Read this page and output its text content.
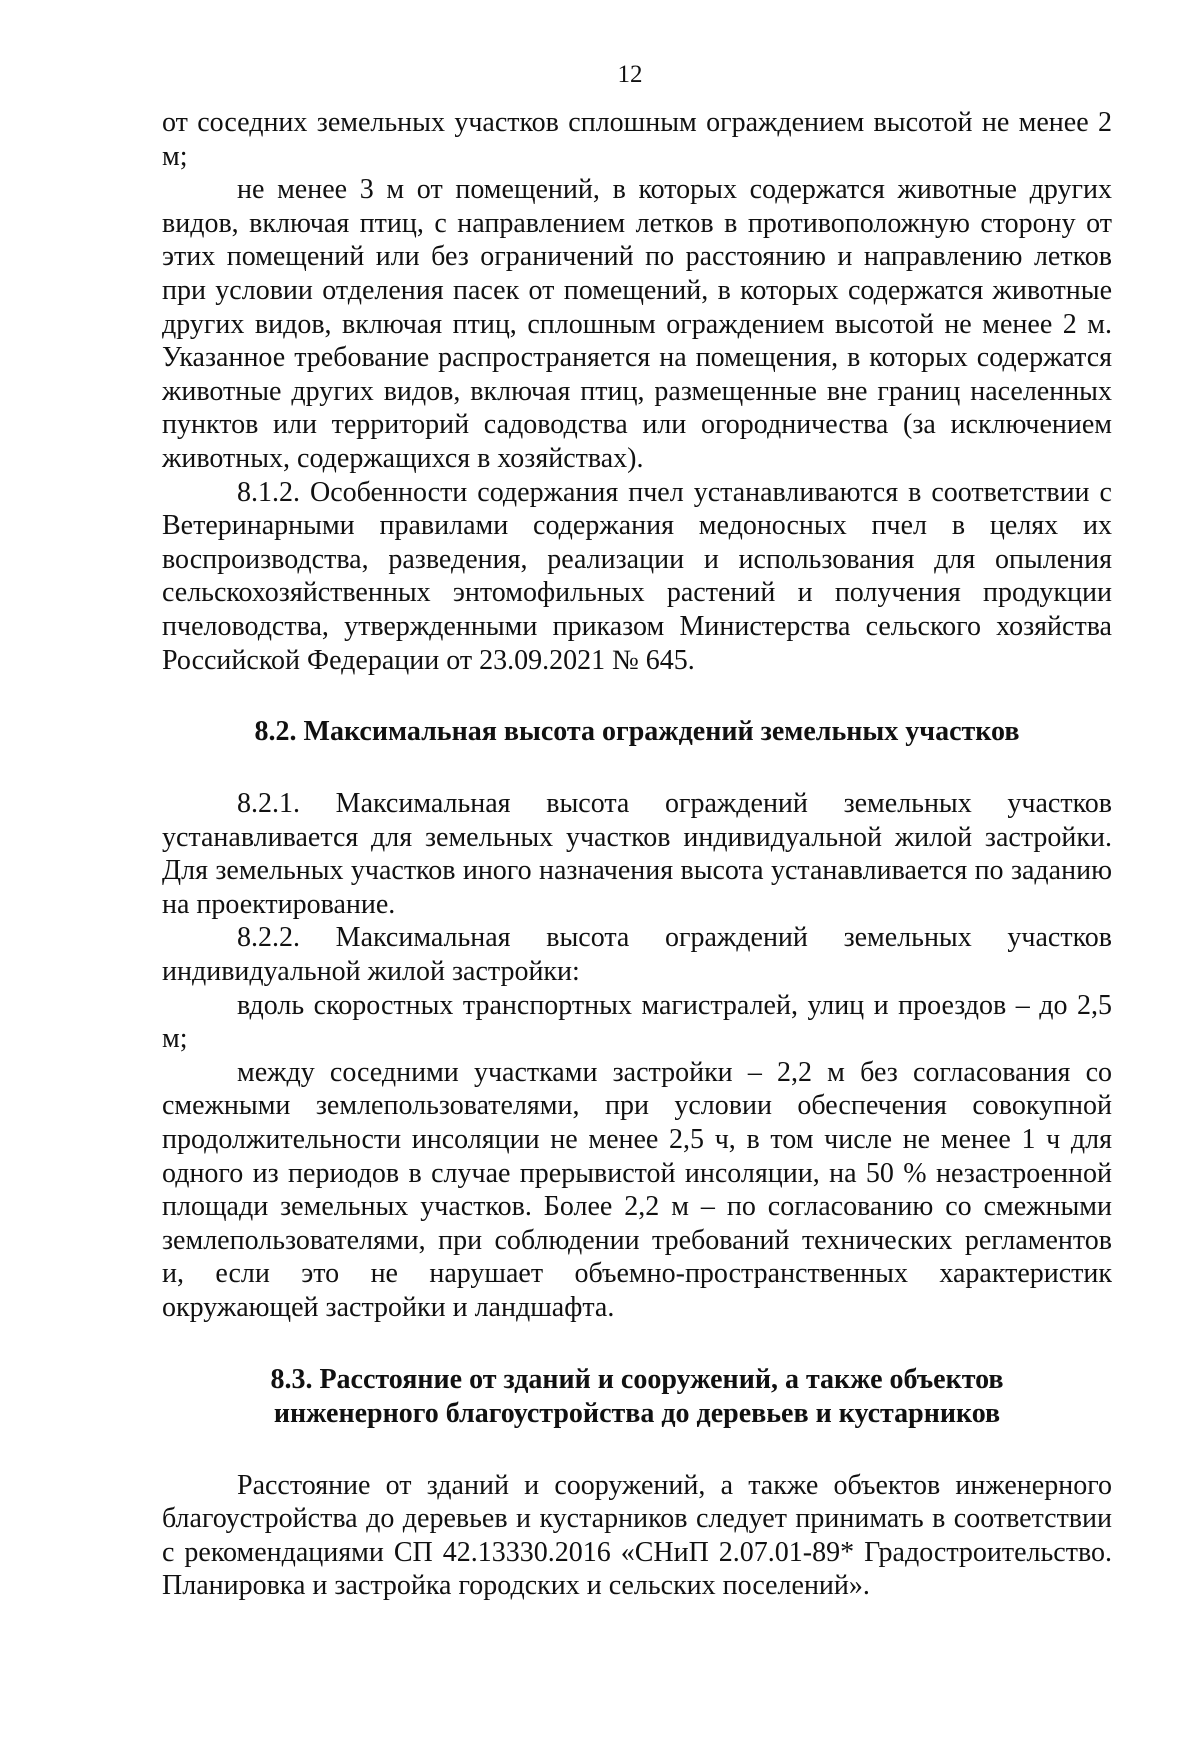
12

от соседних земельных участков сплошным ограждением высотой не менее 2 м;

не менее 3 м от помещений, в которых содержатся животные других видов, включая птиц, с направлением летков в противоположную сторону от этих помещений или без ограничений по расстоянию и направлению летков при условии отделения пасек от помещений, в которых содержатся животные других видов, включая птиц, сплошным ограждением высотой не менее 2 м. Указанное требование распространяется на помещения, в которых содержатся животные других видов, включая птиц, размещенные вне границ населенных пунктов или территорий садоводства или огородничества (за исключением животных, содержащихся в хозяйствах).

8.1.2. Особенности содержания пчел устанавливаются в соответствии с Ветеринарными правилами содержания медоносных пчел в целях их воспроизводства, разведения, реализации и использования для опыления сельскохозяйственных энтомофильных растений и получения продукции пчеловодства, утвержденными приказом Министерства сельского хозяйства Российской Федерации от 23.09.2021 № 645.

8.2. Максимальная высота ограждений земельных участков

8.2.1. Максимальная высота ограждений земельных участков устанавливается для земельных участков индивидуальной жилой застройки. Для земельных участков иного назначения высота устанавливается по заданию на проектирование.

8.2.2. Максимальная высота ограждений земельных участков индивидуальной жилой застройки:

вдоль скоростных транспортных магистралей, улиц и проездов – до 2,5 м;

между соседними участками застройки – 2,2 м без согласования со смежными землепользователями, при условии обеспечения совокупной продолжительности инсоляции не менее 2,5 ч, в том числе не менее 1 ч для одного из периодов в случае прерывистой инсоляции, на 50 % незастроенной площади земельных участков. Более 2,2 м – по согласованию со смежными землепользователями, при соблюдении требований технических регламентов и, если это не нарушает объемно-пространственных характеристик окружающей застройки и ландшафта.

8.3. Расстояние от зданий и сооружений, а также объектов
инженерного благоустройства до деревьев и кустарников

Расстояние от зданий и сооружений, а также объектов инженерного благоустройства до деревьев и кустарников следует принимать в соответствии с рекомендациями СП 42.13330.2016 «СНиП 2.07.01-89* Градостроительство. Планировка и застройка городских и сельских поселений».
